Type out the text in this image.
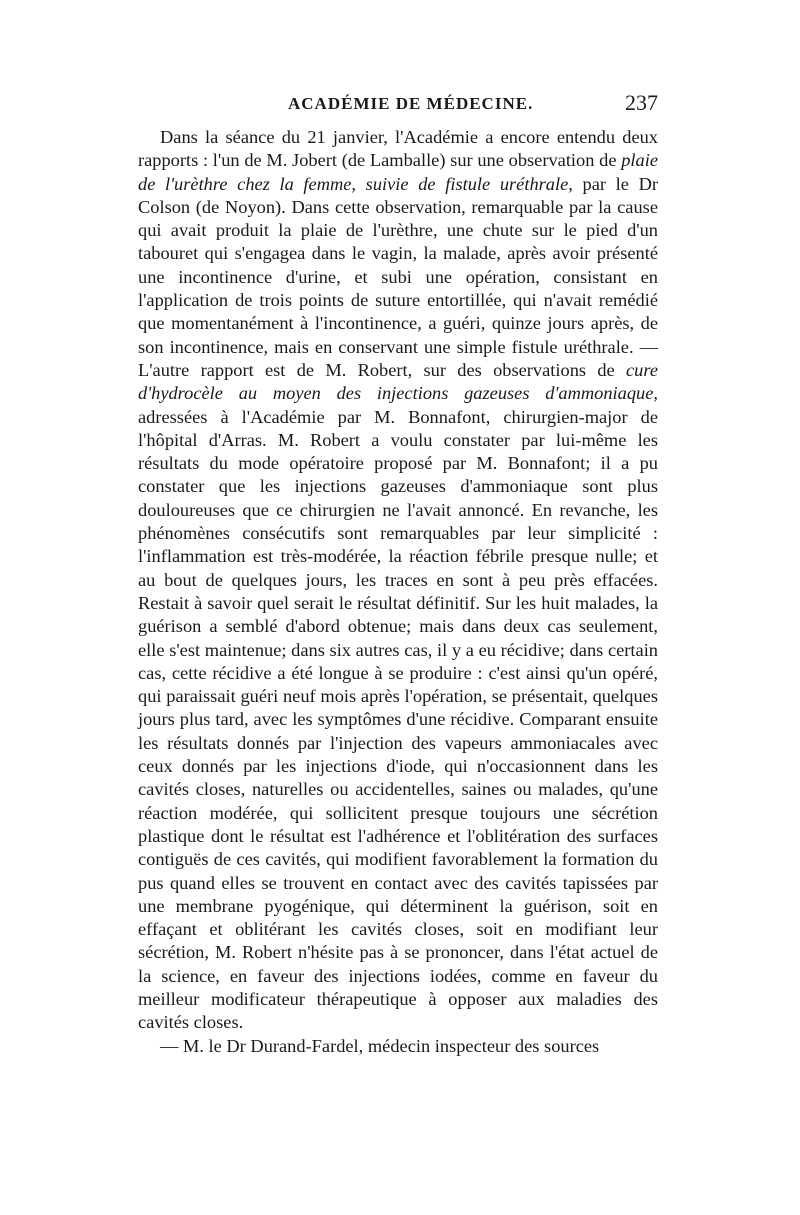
ACADÉMIE DE MÉDECINE.	237

Dans la séance du 21 janvier, l'Académie a encore entendu deux rapports : l'un de M. Jobert (de Lamballe) sur une observation de plaie de l'urèthre chez la femme, suivie de fistule uréthrale, par le Dr Colson (de Noyon). Dans cette observation, remarquable par la cause qui avait produit la plaie de l'urèthre, une chute sur le pied d'un tabouret qui s'engagea dans le vagin, la malade, après avoir présenté une incontinence d'urine, et subi une opération, consistant en l'application de trois points de suture entortillée, qui n'avait remédié que momentanément à l'incontinence, a guéri, quinze jours après, de son incontinence, mais en conservant une simple fistule uréthrale. — L'autre rapport est de M. Robert, sur des observations de cure d'hydrocèle au moyen des injections gazeuses d'ammoniaque, adressées à l'Académie par M. Bonnafont, chirurgien-major de l'hôpital d'Arras. M. Robert a voulu constater par lui-même les résultats du mode opératoire proposé par M. Bonnafont; il a pu constater que les injections gazeuses d'ammoniaque sont plus douloureuses que ce chirurgien ne l'avait annoncé. En revanche, les phénomènes consécutifs sont remarquables par leur simplicité : l'inflammation est très-modérée, la réaction fébrile presque nulle; et au bout de quelques jours, les traces en sont à peu près effacées. Restait à savoir quel serait le résultat définitif. Sur les huit malades, la guérison a semblé d'abord obtenue; mais dans deux cas seulement, elle s'est maintenue; dans six autres cas, il y a eu récidive; dans certain cas, cette récidive a été longue à se produire : c'est ainsi qu'un opéré, qui paraissait guéri neuf mois après l'opération, se présentait, quelques jours plus tard, avec les symptômes d'une récidive. Comparant ensuite les résultats donnés par l'injection des vapeurs ammoniacales avec ceux donnés par les injections d'iode, qui n'occasionnent dans les cavités closes, naturelles ou accidentelles, saines ou malades, qu'une réaction modérée, qui sollicitent presque toujours une sécrétion plastique dont le résultat est l'adhérence et l'oblitération des surfaces contiguës de ces cavités, qui modifient favorablement la formation du pus quand elles se trouvent en contact avec des cavités tapissées par une membrane pyogénique, qui déterminent la guérison, soit en effaçant et oblitérant les cavités closes, soit en modifiant leur sécrétion, M. Robert n'hésite pas à se prononcer, dans l'état actuel de la science, en faveur des injections iodées, comme en faveur du meilleur modificateur thérapeutique à opposer aux maladies des cavités closes.

— M. le Dr Durand-Fardel, médecin inspecteur des sources
